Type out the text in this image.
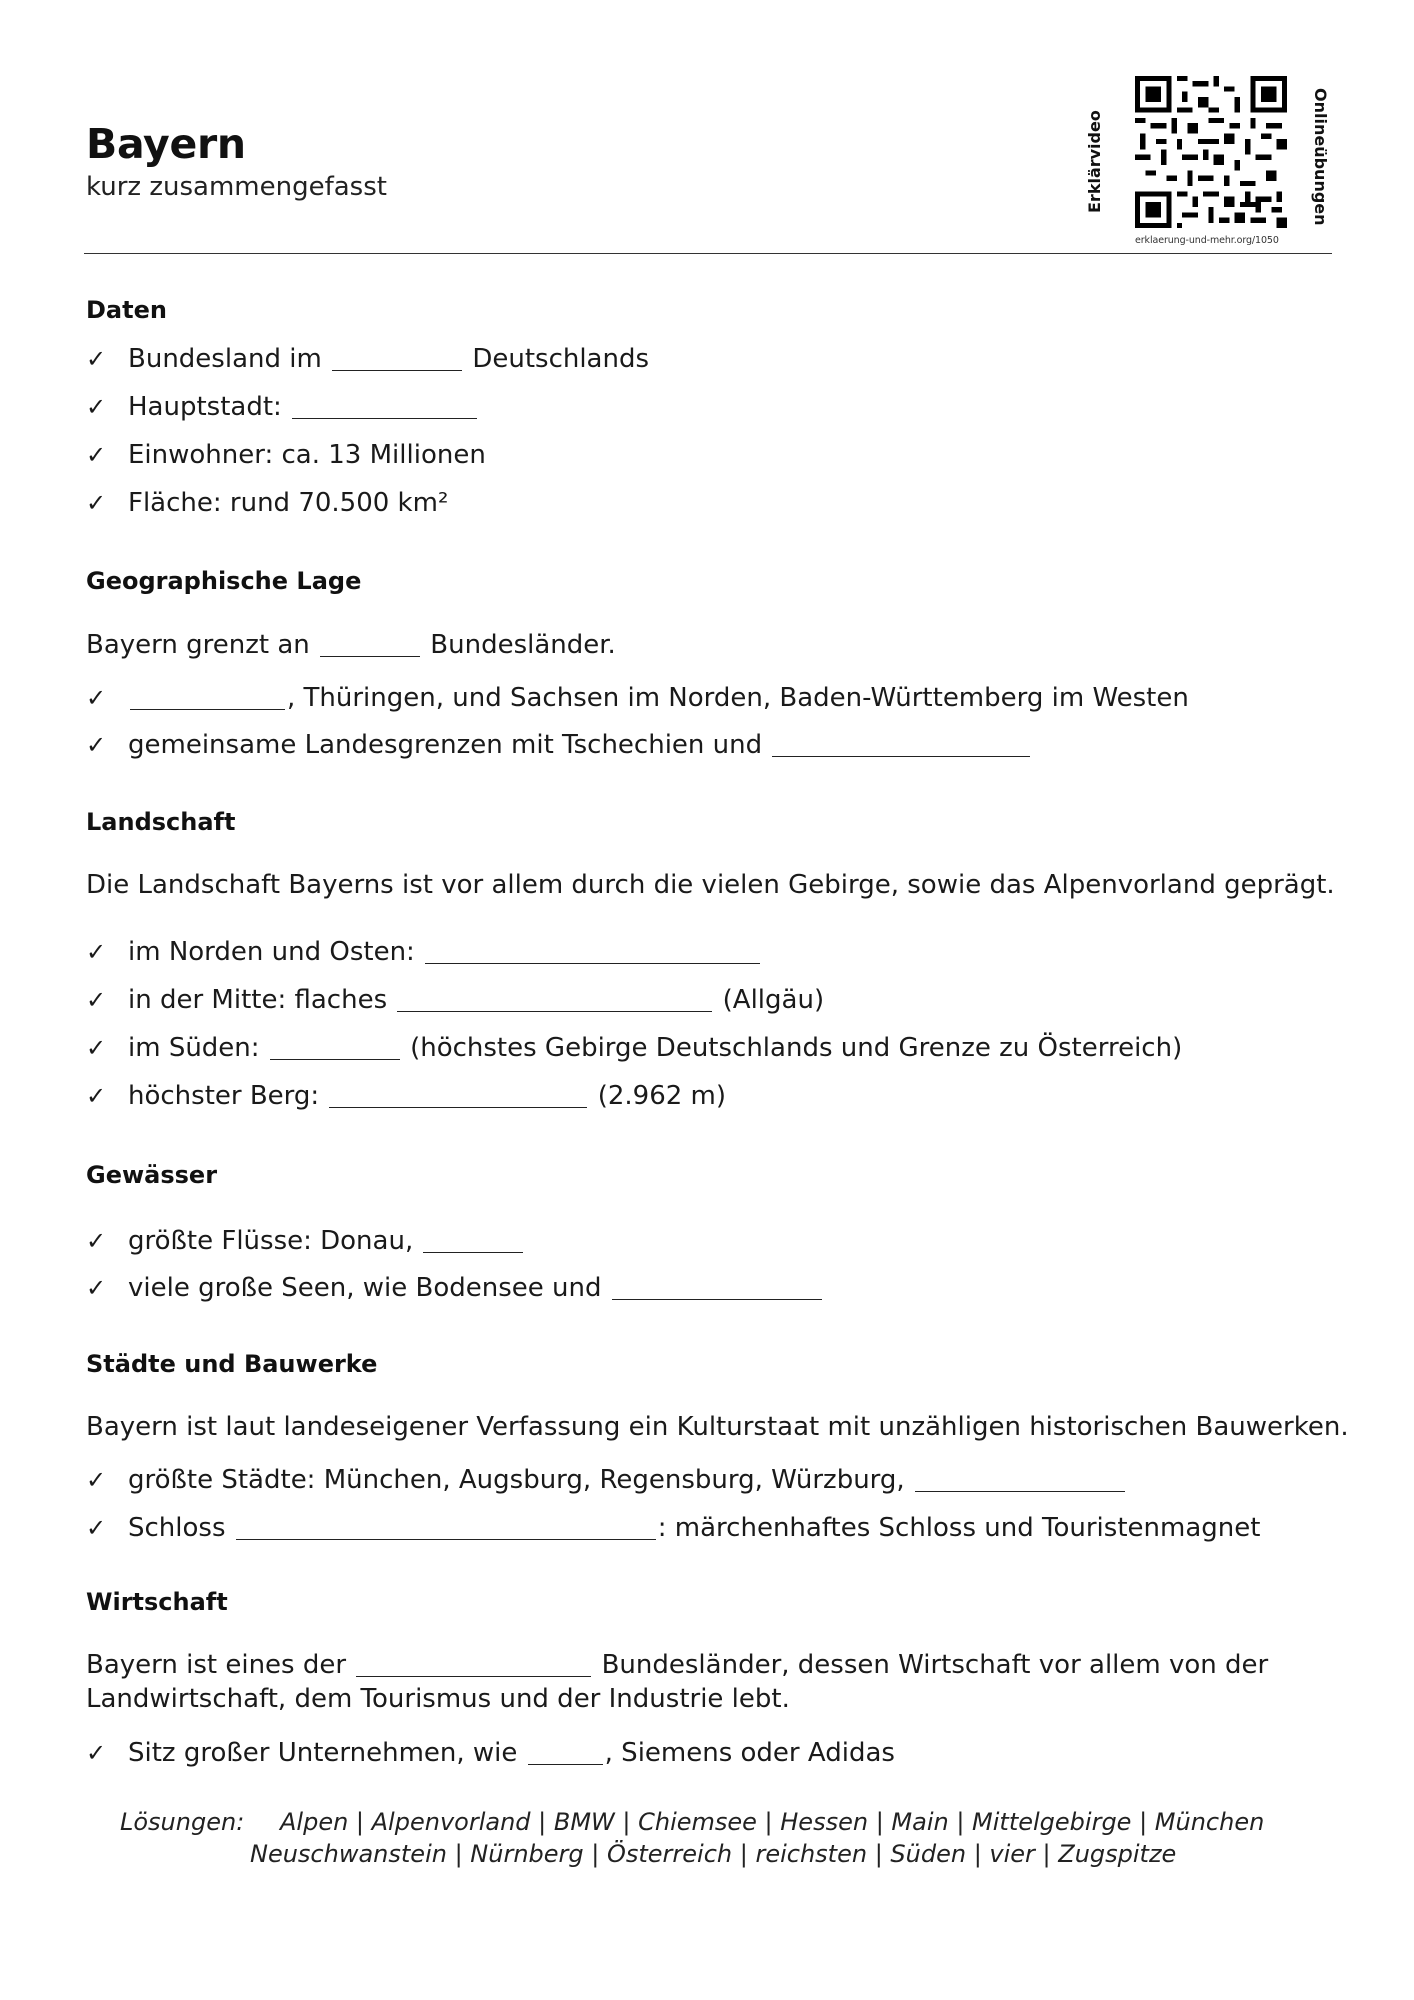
Bayern
kurz zusammengefasst	Erklärvideo	Onlineübungen
erklaerung-und-mehr.org/1050
Daten
✓ Bundesland im

	Deutschlands
✓ Hauptstadt:

✓ Einwohner: ca. 13 Millionen
✓ Fläche: rund 70.500 km²
Geographische Lage
Bayern grenzt an

	Bundesländer.
✓	, Thüringen, und Sachsen im Norden, Baden-Württemberg im Westen
✓ gemeinsame Landesgrenzen mit Tschechien und

Landschaft
Die Landschaft Bayerns ist vor allem durch die vielen Gebirge, sowie das Alpenvorland geprägt.
✓ im Norden und Osten:

✓ in der Mitte: flaches

	(Allgäu)
✓ im Süden:

	(höchstes Gebirge Deutschlands und Grenze zu Österreich)
✓ höchster Berg:

	(2.962 m)
Gewässer
✓ größte Flüsse: Donau,

✓ viele große Seen, wie Bodensee und

Städte und Bauwerke
Bayern ist laut landeseigener Verfassung ein Kulturstaat mit unzähligen historischen Bauwerken.
✓ größte Städte: München, Augsburg, Regensburg, Würzburg,

✓ Schloss
	: märchenhaftes Schloss und Touristenmagnet
Wirtschaft
Bayern ist eines der

	Bundesländer, dessen Wirtschaft vor allem von der
Landwirtschaft, dem Tourismus und der Industrie lebt.
✓ Sitz großer Unternehmen, wie
	, Siemens oder Adidas
Lösungen:	Alpen | Alpenvorland | BMW | Chiemsee | Hessen | Main | Mittelgebirge | München
Neuschwanstein | Nürnberg | Österreich | reichsten | Süden | vier | Zugspitze
